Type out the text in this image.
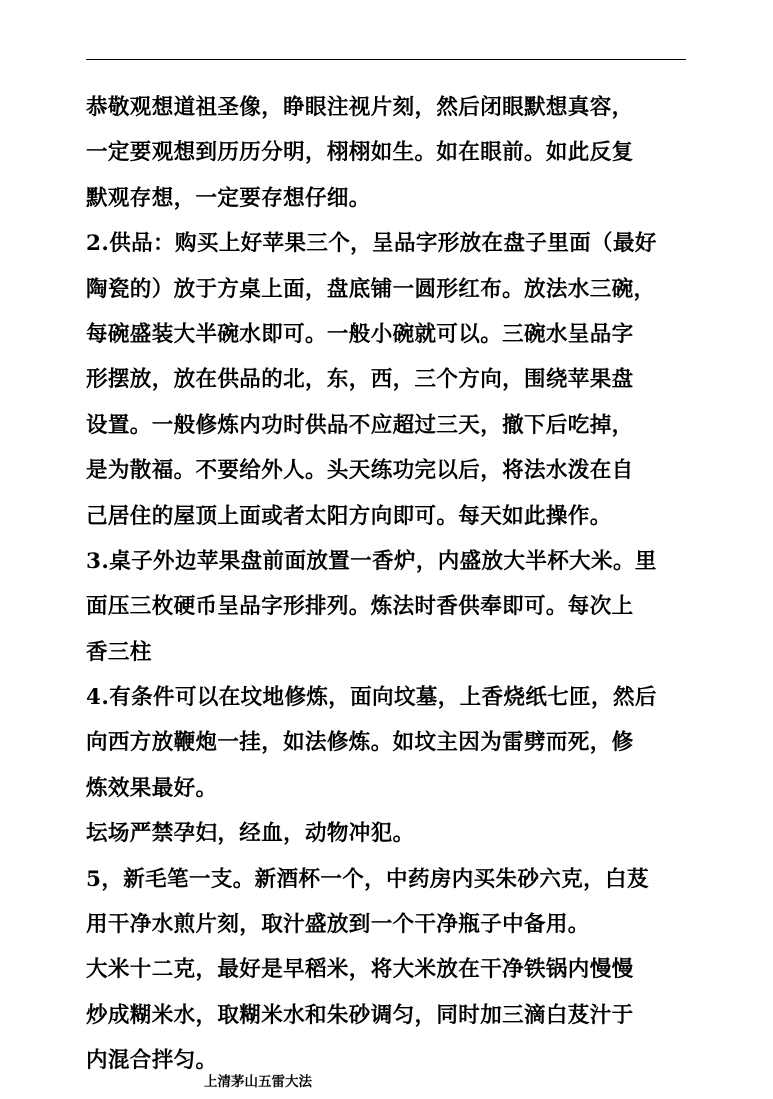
恭敬观想道祖圣像，睁眼注视片刻，然后闭眼默想真容，
一定要观想到历历分明，栩栩如生。如在眼前。如此反复
默观存想，一定要存想仔细。
2.供品：购买上好苹果三个，呈品字形放在盘子里面（最好
陶瓷的）放于方桌上面，盘底铺一圆形红布。放法水三碗，
每碗盛装大半碗水即可。一般小碗就可以。三碗水呈品字
形摆放，放在供品的北，东，西，三个方向，围绕苹果盘
设置。一般修炼内功时供品不应超过三天，撤下后吃掉，
是为散福。不要给外人。头天练功完以后，将法水泼在自
己居住的屋顶上面或者太阳方向即可。每天如此操作。
3.桌子外边苹果盘前面放置一香炉，内盛放大半杯大米。里
面压三枚硬币呈品字形排列。炼法时香供奉即可。每次上
香三柱
4.有条件可以在坟地修炼，面向坟墓，上香烧纸七匝，然后
向西方放鞭炮一挂，如法修炼。如坟主因为雷劈而死，修
炼效果最好。
坛场严禁孕妇，经血，动物冲犯。
5，新毛笔一支。新酒杯一个，中药房内买朱砂六克，白芨
用干净水煎片刻，取汁盛放到一个干净瓶子中备用。
大米十二克，最好是早稻米，将大米放在干净铁锅内慢慢
炒成糊米水，取糊米水和朱砂调匀，同时加三滴白芨汁于
内混合拌匀。
上清茅山五雷大法
